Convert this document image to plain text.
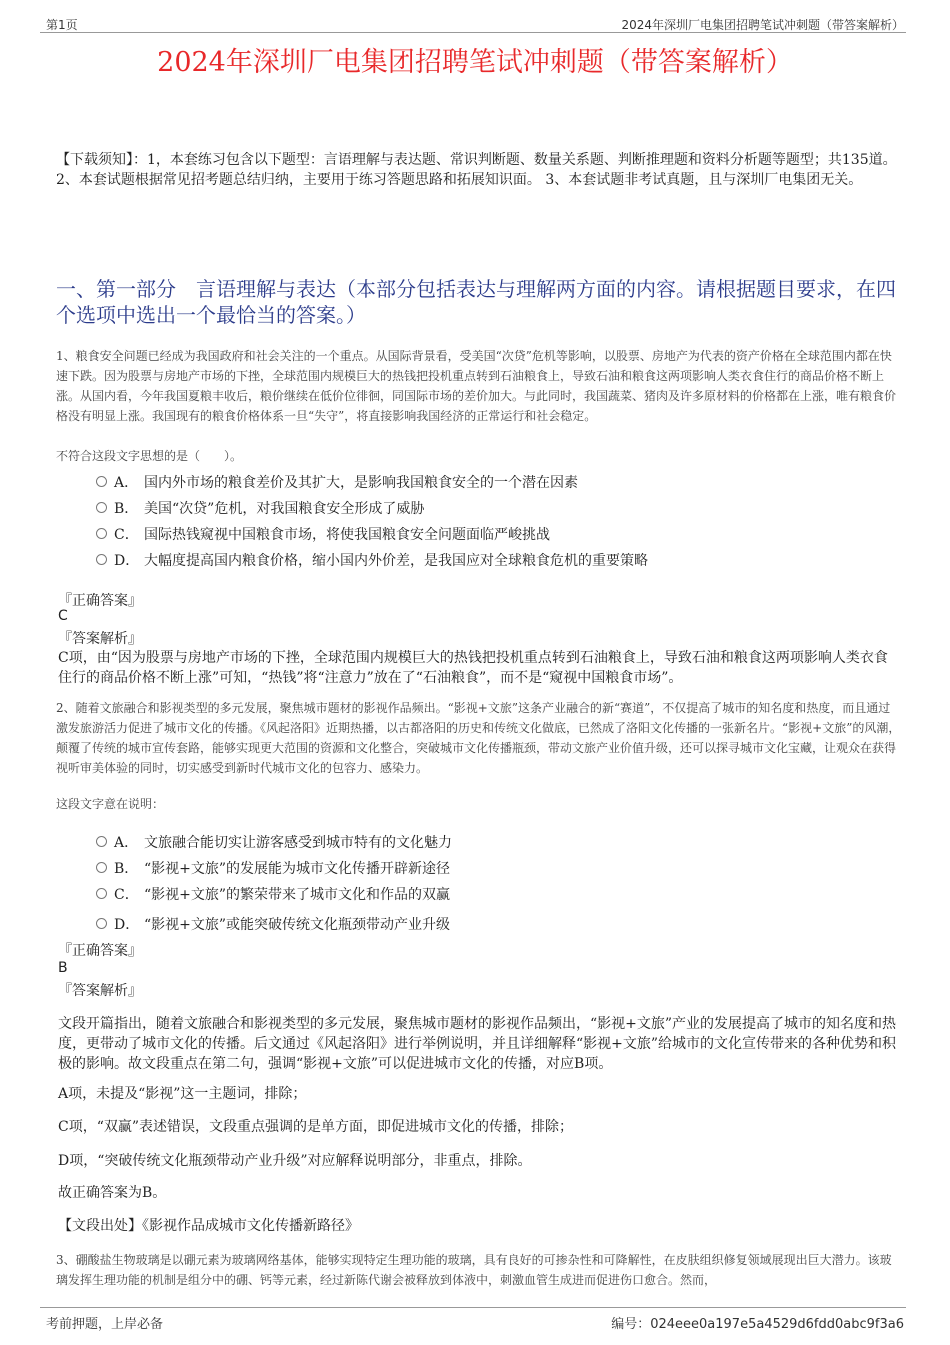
第1页	2024年深圳厂电集团招聘笔试冲刺题（带答案解析）
2024年深圳厂电集团招聘笔试冲刺题（带答案解析）
【下载须知】：1，本套练习包含以下题型：言语理解与表达题、常识判断题、数量关系题、判断推理题和资料分析题等题型；共135道。 2、本套试题根据常见招考题总结归纳，主要用于练习答题思路和拓展知识面。 3、本套试题非考试真题，且与深圳厂电集团无关。
一、第一部分　言语理解与表达（本部分包括表达与理解两方面的内容。请根据题目要求，在四个选项中选出一个最恰当的答案。）
1、粮食安全问题已经成为我国政府和社会关注的一个重点。从国际背景看，受美国“次贷”危机等影响，以股票、房地产为代表的资产价格在全球范围内都在快速下跌。因为股票与房地产市场的下挫，全球范围内规模巨大的热钱把投机重点转到石油粮食上，导致石油和粮食这两项影响人类衣食住行的商品价格不断上涨。从国内看，今年我国夏粮丰收后，粮价继续在低价位徘徊，同国际市场的差价加大。与此同时，我国蔬菜、猪肉及许多原材料的价格都在上涨，唯有粮食价格没有明显上涨。我国现有的粮食价格体系一旦“失守”，将直接影响我国经济的正常运行和社会稳定。
不符合这段文字思想的是（　　）。
A． 国内外市场的粮食差价及其扩大，是影响我国粮食安全的一个潜在因素
B． 美国“次贷”危机，对我国粮食安全形成了威胁
C． 国际热钱窥视中国粮食市场，将使我国粮食安全问题面临严峻挑战
D． 大幅度提高国内粮食价格，缩小国内外价差，是我国应对全球粮食危机的重要策略
『正确答案』
C
『答案解析』
C项，由“因为股票与房地产市场的下挫，全球范围内规模巨大的热钱把投机重点转到石油粮食上，导致石油和粮食这两项影响人类衣食住行的商品价格不断上涨”可知，“热钱”将“注意力”放在了“石油粮食”，而不是“窥视中国粮食市场”。
2、随着文旅融合和影视类型的多元发展，聚焦城市题材的影视作品频出。“影视+文旅”这条产业融合的新“赛道”，不仅提高了城市的知名度和热度，而且通过激发旅游活力促进了城市文化的传播。《风起洛阳》近期热播，以古都洛阳的历史和传统文化做底，已然成了洛阳文化传播的一张新名片。“影视+文旅”的风潮，颠覆了传统的城市宣传套路，能够实现更大范围的资源和文化整合，突破城市文化传播瓶颈，带动文旅产业价值升级，还可以探寻城市文化宝藏，让观众在获得视听审美体验的同时，切实感受到新时代城市文化的包容力、感染力。
这段文字意在说明：
A． 文旅融合能切实让游客感受到城市特有的文化魅力
B． “影视+文旅”的发展能为城市文化传播开辟新途径
C． “影视+文旅”的繁荣带来了城市文化和作品的双赢
D． “影视+文旅”或能突破传统文化瓶颈带动产业升级
『正确答案』
B
『答案解析』
文段开篇指出，随着文旅融合和影视类型的多元发展，聚焦城市题材的影视作品频出，“影视+文旅”产业的发展提高了城市的知名度和热度，更带动了城市文化的传播。后文通过《风起洛阳》进行举例说明，并且详细解释“影视+文旅”给城市的文化宣传带来的各种优势和积极的影响。故文段重点在第二句，强调“影视+文旅”可以促进城市文化的传播，对应B项。
A项，未提及“影视”这一主题词，排除；
C项，“双赢”表述错误，文段重点强调的是单方面，即促进城市文化的传播，排除；
D项，“突破传统文化瓶颈带动产业升级”对应解释说明部分，非重点，排除。
故正确答案为B。
【文段出处】《影视作品成城市文化传播新路径》
3、硼酸盐生物玻璃是以硼元素为玻璃网络基体，能够实现特定生理功能的玻璃，具有良好的可掺杂性和可降解性，在皮肤组织修复领域展现出巨大潜力。该玻璃发挥生理功能的机制是组分中的硼、钙等元素，经过新陈代谢会被释放到体液中，刺激血管生成进而促进伤口愈合。然而，
考前押题，上岸必备	编号：024eee0a197e5a4529d6fdd0abc9f3a6
